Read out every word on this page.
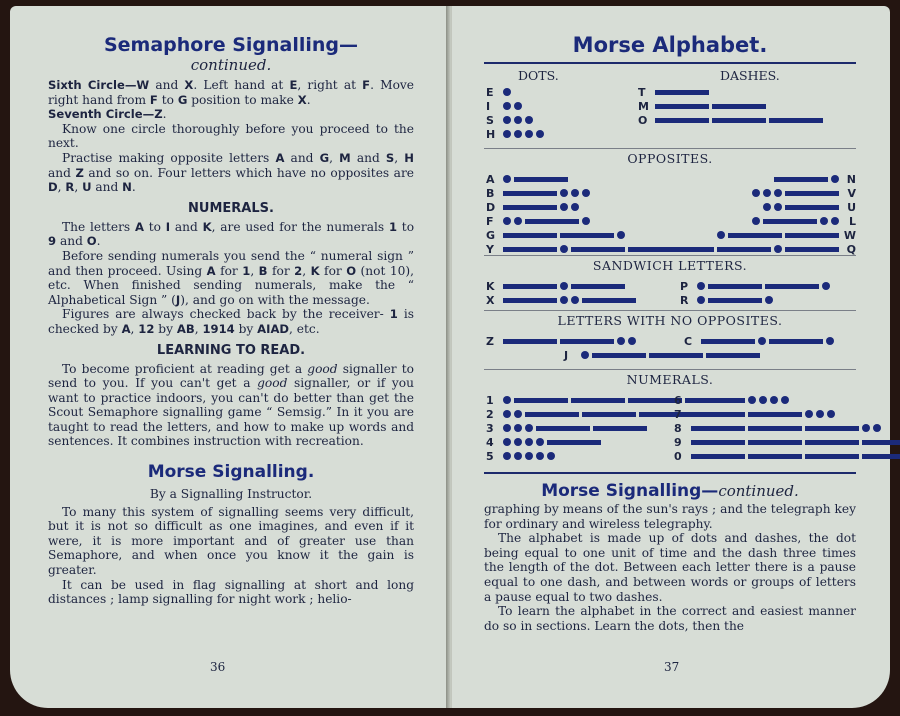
Semaphore Signalling—

continued.

Sixth Circle—W and X. Left hand at E, right at F. Move right hand from F to G position to make X.

Seventh Circle—Z.

Know one circle thoroughly before you proceed to the next.

Practise making opposite letters A and G, M and S, H and Z and so on. Four letters which have no opposites are D, R, U and N.

NUMERALS.

The letters A to I and K, are used for the numerals 1 to 9 and O.

Before sending numerals you send the “ numeral sign ” and then proceed. Using A for 1, B for 2, K for O (not 10), etc. When finished sending numerals, make the “ Alphabetical Sign ” (J), and go on with the message.

Figures are always checked back by the receiver- 1 is checked by A, 12 by AB, 1914 by AIAD, etc.

LEARNING TO READ.

To become proficient at reading get a good signaller to send to you. If you can't get a good signaller, or if you want to practice indoors, you can't do better than get the Scout Semaphore signalling game “ Semsig.” In it you are taught to read the letters, and how to make up words and sentences. It combines instruction with recreation.

Morse Signalling.

By a Signalling Instructor.

To many this system of signalling seems very difficult, but it is not so difficult as one imagines, and even if it were, it is more important and of greater use than Semaphore, and when once you know it the gain is greater.

It can be used in flag signalling at short and long distances ; lamp signalling for night work ; helio-

36

Morse Alphabet.

DOTS.	DASHES.
E
I
S
H
T
M
O

OPPOSITES.

A
B
D
F
G
Y
N
V
U
L
W
Q

SANDWICH LETTERS.

K
X
P
R

LETTERS WITH NO OPPOSITES.

Z	C
J

NUMERALS.

1
2
3
4
5
6
7
8
9
0

Morse Signalling—continued.

graphing by means of the sun's rays ; and the telegraph key for ordinary and wireless telegraphy.

The alphabet is made up of dots and dashes, the dot being equal to one unit of time and the dash three times the length of the dot. Between each letter there is a pause equal to one dash, and between words or groups of letters a pause equal to two dashes.

To learn the alphabet in the correct and easiest manner do so in sections. Learn the dots, then the

37
